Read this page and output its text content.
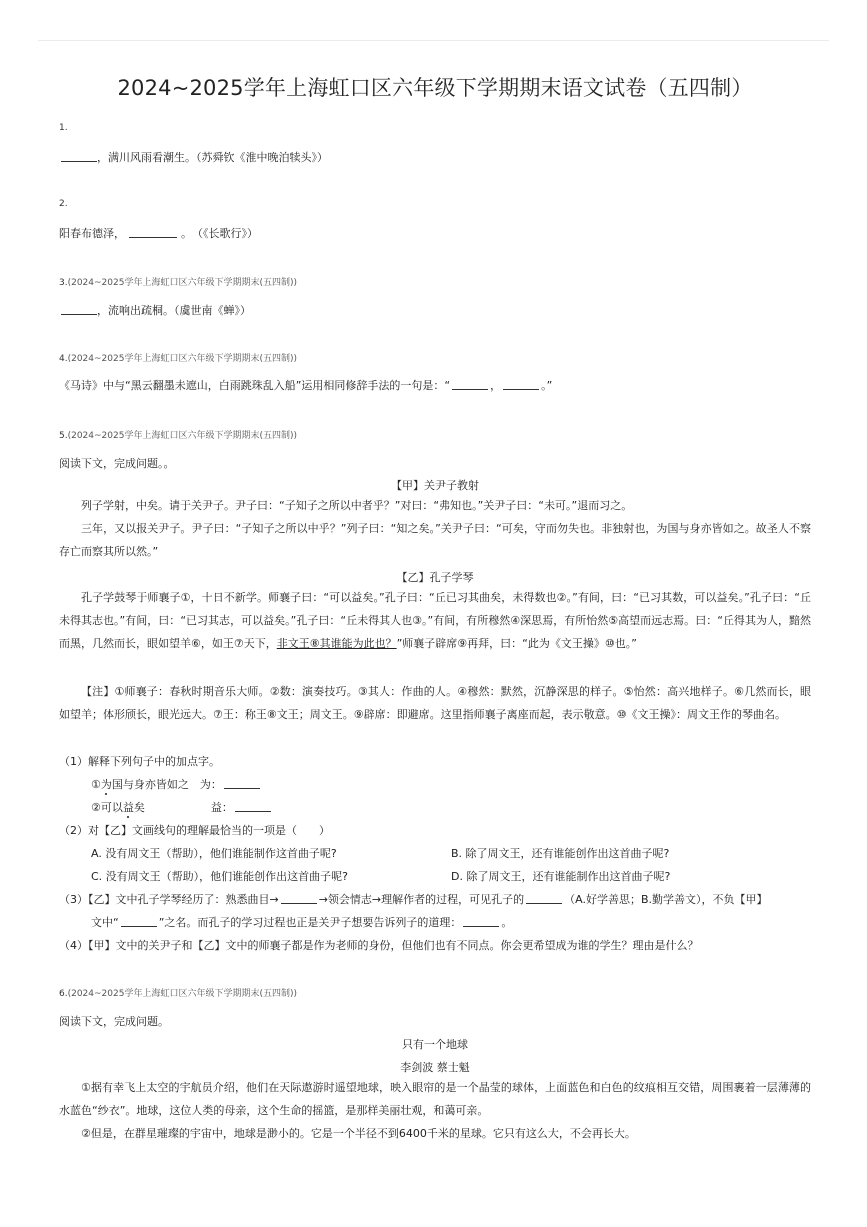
2024~2025学年上海虹口区六年级下学期期末语文试卷（五四制）
1.
，满川风雨看潮生。（苏舜钦《淮中晚泊犊头》）
2.
阳春布德泽，	。　（《长歌行》）
3.(2024~2025学年上海虹口区六年级下学期期末(五四制))
，流响出疏桐。（虞世南《蝉》）
4.(2024~2025学年上海虹口区六年级下学期期末(五四制))
《马诗》中与“黑云翻墨未遮山，白雨跳珠乱入船”运用相同修辞手法的一句是：“	，	。”
5.(2024~2025学年上海虹口区六年级下学期期末(五四制))
阅读下文，完成问题。。
【甲】关尹子教射
列子学射，中矣。请于关尹子。尹子曰：“子知子之所以中者乎？”对曰：“弗知也。”关尹子曰：“未可。”退而习之。
三年，又以报关尹子。尹子曰：“子知子之所以中乎？”列子曰：“知之矣。”关尹子曰：“可矣，守而勿失也。非独射也，为国与身亦皆如之。故圣人不察存亡而察其所以然。”
【乙】孔子学琴
孔子学鼓琴于师襄子①，十日不新学。师襄子曰：“可以益矣。”孔子曰：“丘已习其曲矣，未得数也②。”有间，曰：“已习其数，可以益矣。”孔子曰：“丘未得其志也。”有间，曰：“已习其志，可以益矣。”孔子曰：“丘未得其人也③。”有间，有所穆然④深思焉，有所怡然⑤高望而远志焉。曰：“丘得其为人，黯然而黑，几然而长，眼如望羊⑥，如王⑦天下，非文王⑧其谁能为此也？”师襄子辟席⑨再拜，曰：“此为《文王操》⑩也。”
【注】①师襄子：春秋时期音乐大师。②数：演奏技巧。③其人：作曲的人。④穆然：默然，沉静深思的样子。⑤怡然：高兴地样子。⑥几然而长，眼如望羊；体形颀长，眼光远大。⑦王：称王⑧文王；周文王。⑨辟席：即避席。这里指师襄子离座而起，表示敬意。⑩《文王操》：周文王作的琴曲名。
（1）解释下列句子中的加点字。
①为国与身亦皆如之　为：
②可以益矣　　　　　　益：
（2）对【乙】文画线句的理解最恰当的一项是（　　）
A. 没有周文王（帮助），他们谁能制作这首曲子呢?	B. 除了周文王，还有谁能创作出这首曲子呢?
C. 没有周文王（帮助），他们谁能创作出这首曲子呢?	D. 除了周文王，还有谁能制作出这首曲子呢?
（3）【乙】文中孔子学琴经历了：熟悉曲目→	→领会情志→理解作者的过程，可见孔子的	（A.好学善思；B.勤学善文），不负【甲】
文中“	”之名。而孔子的学习过程也正是关尹子想要告诉列子的道理：	。
（4）【甲】文中的关尹子和【乙】文中的师襄子都是作为老师的身份，但他们也有不同点。你会更希望成为谁的学生？理由是什么？
6.(2024~2025学年上海虹口区六年级下学期期末(五四制))
阅读下文，完成问题。
只有一个地球
李剑波 蔡士魁
①据有幸飞上太空的宇航员介绍，他们在天际遨游时遥望地球，映入眼帘的是一个晶莹的球体，上面蓝色和白色的纹痕相互交错，周围裹着一层薄薄的水蓝色“纱衣”。地球，这位人类的母亲，这个生命的摇篮，是那样美丽壮观，和蔼可亲。
②但是，在群星璀璨的宇宙中，地球是渺小的。它是一个半径不到6400千米的星球。它只有这么大，不会再长大。
